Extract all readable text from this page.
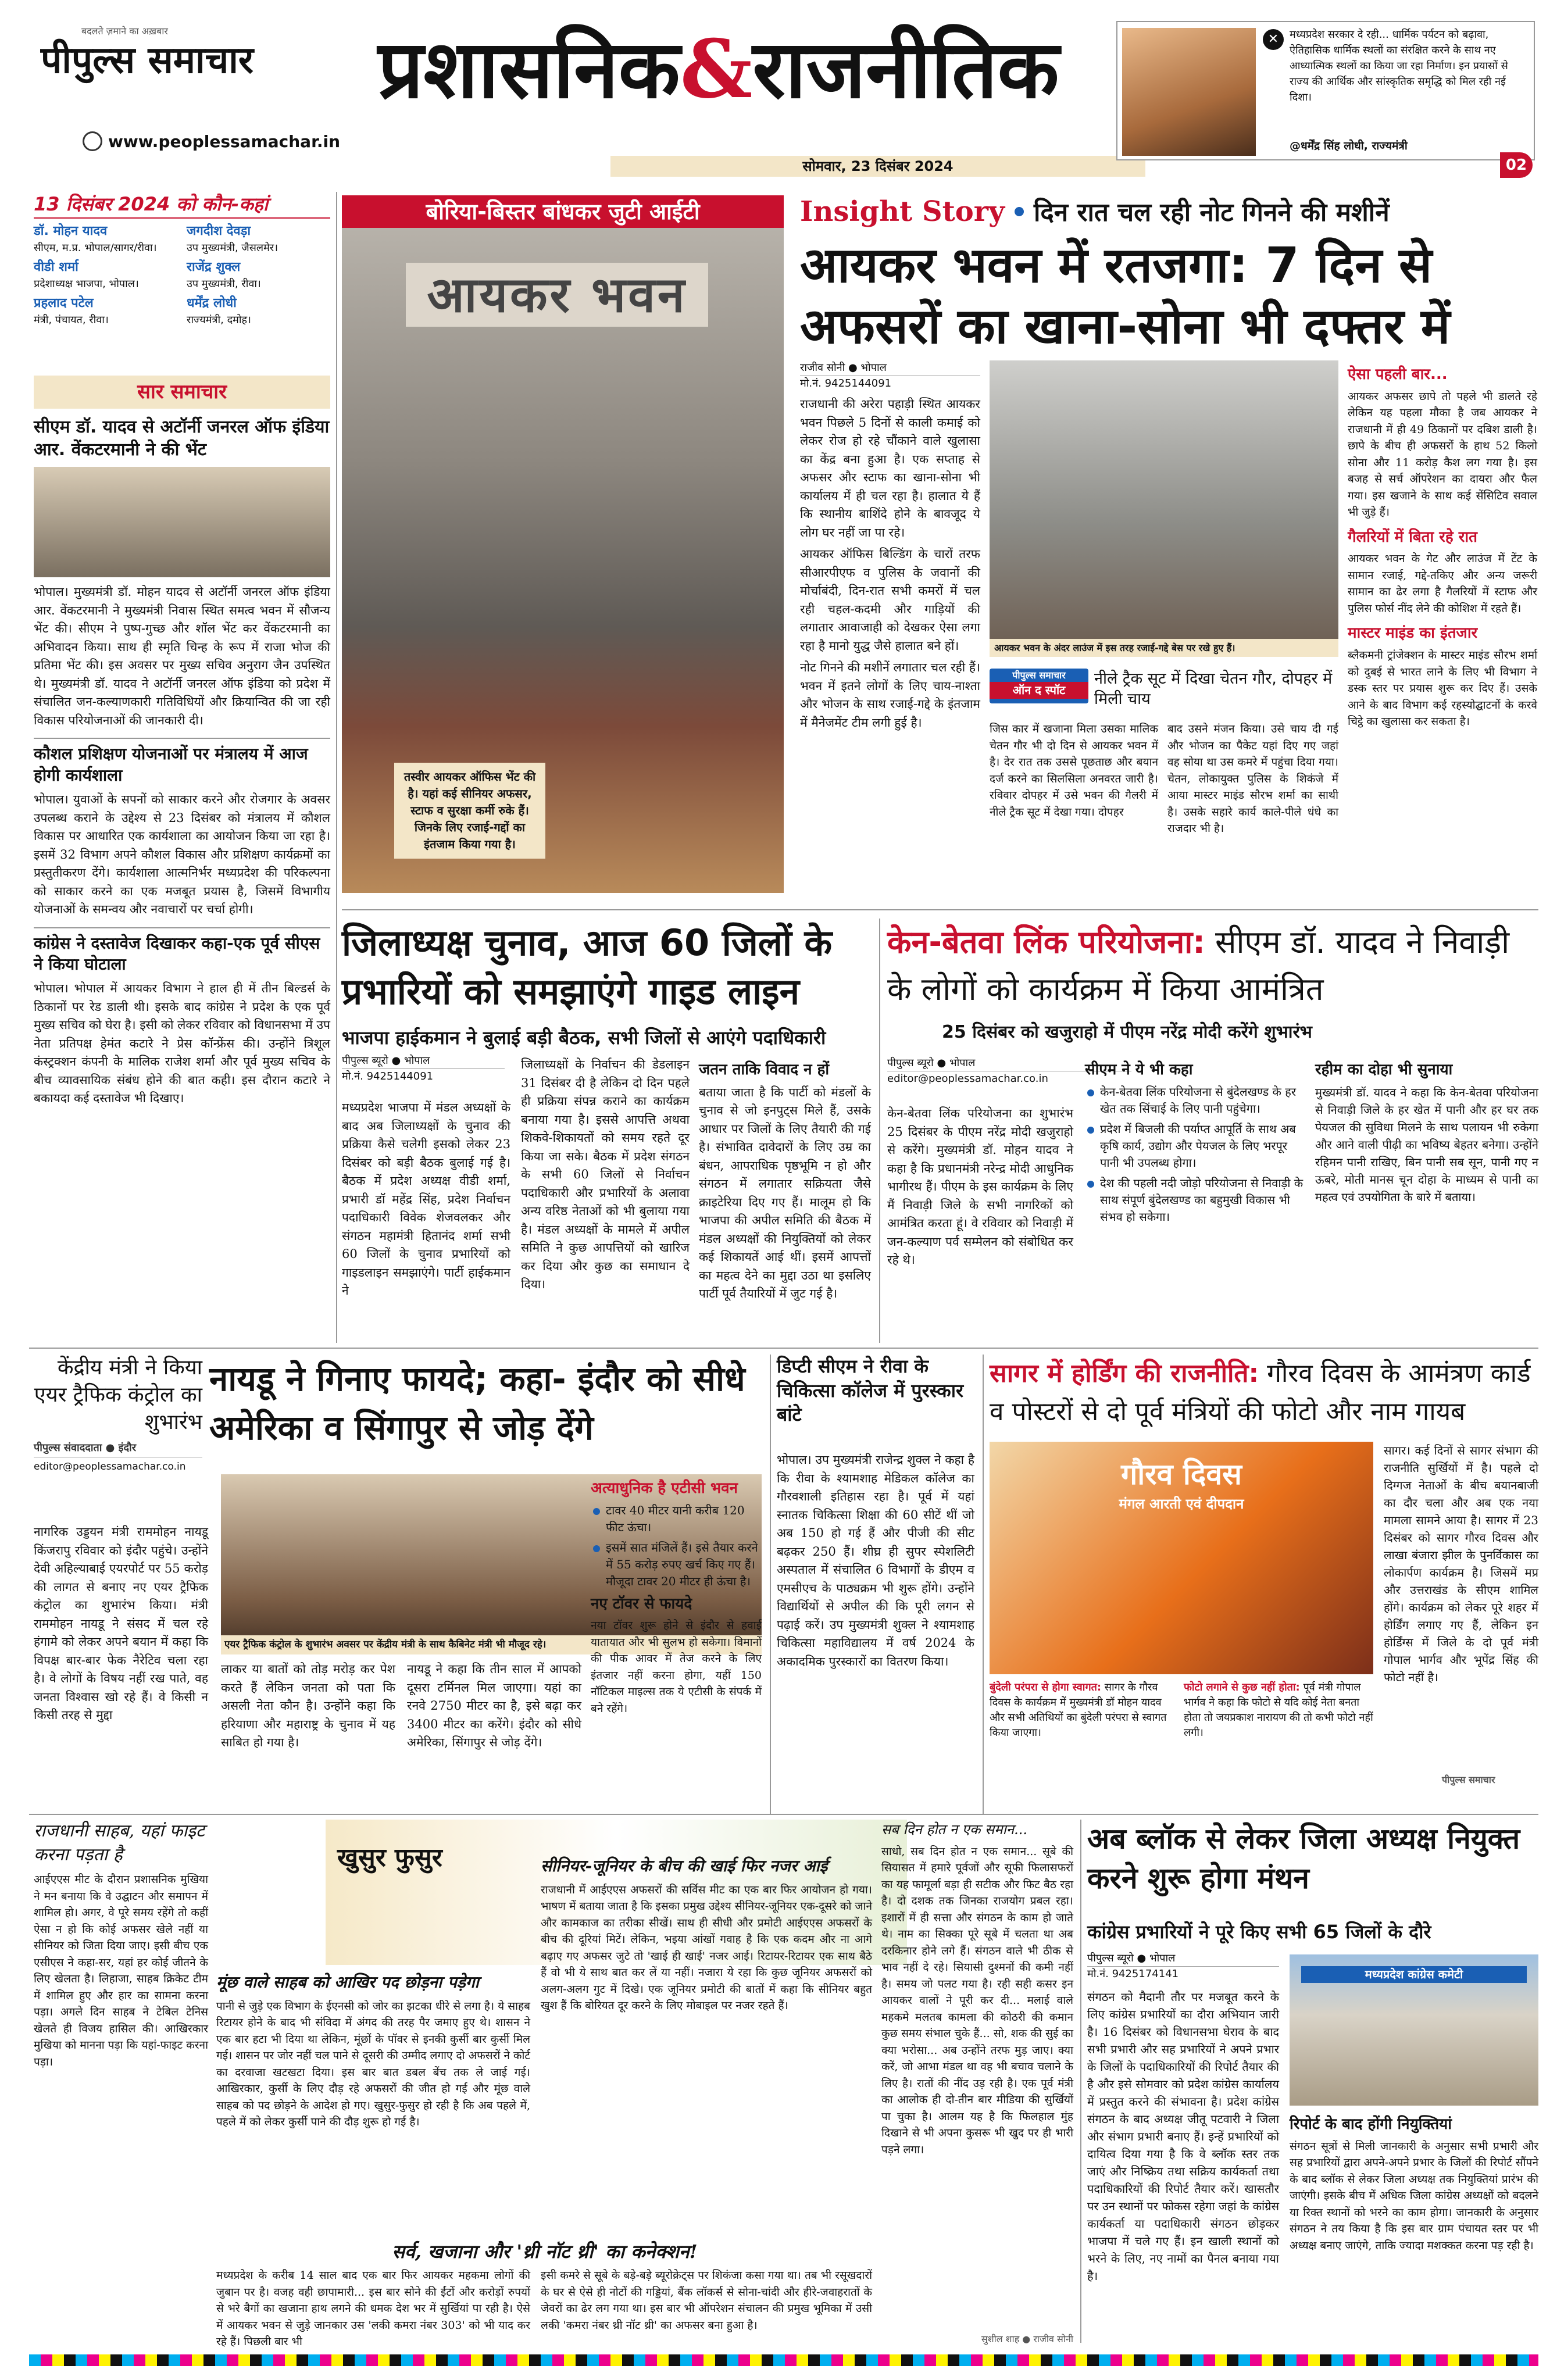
बदलते ज़माने का अख़बार
पीपुल्स समाचार
www.peoplessamachar.in
प्रशासनिक&राजनीतिक
सोमवार, 23 दिसंबर 2024
✕	मध्यप्रदेश सरकार दे रही... धार्मिक पर्यटन को बढ़ावा, ऐतिहासिक धार्मिक स्थलों का संरक्षित करने के साथ नए आध्यात्मिक स्थलों का किया जा रहा निर्माण। इन प्रयासों से राज्य की आर्थिक और सांस्कृतिक समृद्धि को मिल रही नई दिशा।
@धर्मेंद्र सिंह लोधी, राज्यमंत्री
02
13 दिसंबर 2024 को कौन-कहां
डॉ. मोहन यादव
सीएम, म.प्र. भोपाल/सागर/रीवा।
जगदीश देवड़ा
उप मुख्यमंत्री, जैसलमेर।
वीडी शर्मा
प्रदेशाध्यक्ष भाजपा, भोपाल।
राजेंद्र शुक्ल
उप मुख्यमंत्री, रीवा।
प्रहलाद पटेल
मंत्री, पंचायत, रीवा।
धर्मेंद्र लोधी
राज्यमंत्री, दमोह।
सार समाचार
सीएम डॉ. यादव से अटॉर्नी जनरल ऑफ इंडिया आर. वेंकटरमानी ने की भेंट
भोपाल। मुख्यमंत्री डॉ. मोहन यादव से अटॉर्नी जनरल ऑफ इंडिया आर. वेंकटरमानी ने मुख्यमंत्री निवास स्थित समत्व भवन में सौजन्य भेंट की। सीएम ने पुष्प-गुच्छ और शॉल भेंट कर वेंकटरमानी का अभिवादन किया। साथ ही स्मृति चिन्ह के रूप में राजा भोज की प्रतिमा भेंट की। इस अवसर पर मुख्य सचिव अनुराग जैन उपस्थित थे। मुख्यमंत्री डॉ. यादव ने अटॉर्नी जनरल ऑफ इंडिया को प्रदेश में संचालित जन-कल्याणकारी गतिविधियों और क्रियान्वित की जा रही विकास परियोजनाओं की जानकारी दी।
कौशल प्रशिक्षण योजनाओं पर मंत्रालय में आज होगी कार्यशाला
भोपाल। युवाओं के सपनों को साकार करने और रोजगार के अवसर उपलब्ध कराने के उद्देश्य से 23 दिसंबर को मंत्रालय में कौशल विकास पर आधारित एक कार्यशाला का आयोजन किया जा रहा है। इसमें 32 विभाग अपने कौशल विकास और प्रशिक्षण कार्यक्रमों का प्रस्तुतीकरण देंगे। कार्यशाला आत्मनिर्भर मध्यप्रदेश की परिकल्पना को साकार करने का एक मजबूत प्रयास है, जिसमें विभागीय योजनाओं के समन्वय और नवाचारों पर चर्चा होगी।
कांग्रेस ने दस्तावेज दिखाकर कहा-एक पूर्व सीएस ने किया घोटाला
भोपाल। भोपाल में आयकर विभाग ने हाल ही में तीन बिल्डर्स के ठिकानों पर रेड डाली थी। इसके बाद कांग्रेस ने प्रदेश के एक पूर्व मुख्य सचिव को घेरा है। इसी को लेकर रविवार को विधानसभा में उप नेता प्रतिपक्ष हेमंत कटारे ने प्रेस कॉन्फ्रेंस की। उन्होंने त्रिशूल कंस्ट्रक्शन कंपनी के मालिक राजेश शर्मा और पूर्व मुख्य सचिव के बीच व्यावसायिक संबंध होने की बात कही। इस दौरान कटारे ने बकायदा कई दस्तावेज भी दिखाए।
बोरिया-बिस्तर बांधकर जुटी आईटी
आयकर भवन
तस्वीर आयकर ऑफिस भेंट की है। यहां कई सीनियर अफसर, स्टाफ व सुरक्षा कर्मी रुके हैं। जिनके लिए रजाई-गद्दों का इंतजाम किया गया है।
Insight Story दिन रात चल रही नोट गिनने की मशीनें
आयकर भवन में रतजगा: 7 दिन से अफसरों का खाना-सोना भी दफ्तर में
राजीव सोनी ● भोपाल
मो.नं. 9425144091

राजधानी की अरेरा पहाड़ी स्थित आयकर भवन पिछले 5 दिनों से काली कमाई को लेकर रोज हो रहे चौंकाने वाले खुलासा का केंद्र बना हुआ है। एक सप्ताह से अफसर और स्टाफ का खाना-सोना भी कार्यालय में ही चल रहा है। हालात ये हैं कि स्थानीय बाशिंदे होने के बावजूद ये लोग घर नहीं जा पा रहे।

आयकर ऑफिस बिल्डिंग के चारों तरफ सीआरपीएफ व पुलिस के जवानों की मोर्चाबंदी, दिन-रात सभी कमरों में चल रही चहल-कदमी और गाड़ियों की लगातार आवाजाही को देखकर ऐसा लगा रहा है मानो युद्ध जैसे हालात बने हों।

नोट गिनने की मशीनें लगातार चल रही हैं। भवन में इतने लोगों के लिए चाय-नाश्ता और भोजन के साथ रजाई-गद्दे के इंतजाम में मैनेजमेंट टीम लगी हुई है।

आयकर भवन के अंदर लाउंज में इस तरह रजाई-गद्दे बेस पर रखे हुए हैं।
पीपुल्स समाचार
ऑन द स्पॉट
नीले ट्रैक सूट में दिखा चेतन गौर, दोपहर में मिली चाय
जिस कार में खजाना मिला उसका मालिक चेतन गौर भी दो दिन से आयकर भवन में है। देर रात तक उससे पूछताछ और बयान दर्ज करने का सिलसिला अनवरत जारी है। रविवार दोपहर में उसे भवन की गैलरी में नीले ट्रैक सूट में देखा गया। दोपहर
बाद उसने मंजन किया। उसे चाय दी गई और भोजन का पैकेट यहां दिए गए जहां वह सोया था उस कमरे में पहुंचा दिया गया। चेतन, लोकायुक्त पुलिस के शिकंजे में आया मास्टर माइंड सौरभ शर्मा का साथी है। उसके सहारे कार्य काले-पीले धंधे का राजदार भी है।
ऐसा पहली बार...
आयकर अफसर छापे तो पहले भी डालते रहे लेकिन यह पहला मौका है जब आयकर ने राजधानी में ही 49 ठिकानों पर दबिश डाली है। छापे के बीच ही अफसरों के हाथ 52 किलो सोना और 11 करोड़ कैश लग गया है। इस बजह से सर्च ऑपरेशन का दायरा और फैल गया। इस खजाने के साथ कई सेंसिटिव सवाल भी जुड़े हैं।
गैलरियों में बिता रहे रात
आयकर भवन के गेट और लाउंज में टेंट के सामान रजाई, गद्दे-तकिए और अन्य जरूरी सामान का ढेर लगा है गैलरियों में स्टाफ और पुलिस फोर्स नींद लेने की कोशिश में रहते हैं।
मास्टर माइंड का इंतजार
ब्लैकमनी ट्रांजेक्शन के मास्टर माइंड सौरभ शर्मा को दुबई से भारत लाने के लिए भी विभाग ने डस्क स्तर पर प्रयास शुरू कर दिए हैं। उसके आने के बाद विभाग कई रहस्योद्घाटनों के करवे चिट्ठे का खुलासा कर सकता है।
जिलाध्यक्ष चुनाव, आज 60 जिलों के प्रभारियों को समझाएंगे गाइड लाइन
भाजपा हाईकमान ने बुलाई बड़ी बैठक, सभी जिलों से आएंगे पदाधिकारी
पीपुल्स ब्यूरो ● भोपाल
मो.नं. 9425144091
मध्यप्रदेश भाजपा में मंडल अध्यक्षों के बाद अब जिलाध्यक्षों के चुनाव की प्रक्रिया कैसे चलेगी इसको लेकर 23 दिसंबर को बड़ी बैठक बुलाई गई है। बैठक में प्रदेश अध्यक्ष वीडी शर्मा, प्रभारी डॉ महेंद्र सिंह, प्रदेश निर्वाचन पदाधिकारी विवेक शेजवलकर और संगठन महामंत्री हितानंद शर्मा सभी 60 जिलों के चुनाव प्रभारियों को गाइडलाइन समझाएंगे। पार्टी हाईकमान ने
जिलाध्यक्षों के निर्वाचन की डेडलाइन 31 दिसंबर दी है लेकिन दो दिन पहले ही प्रक्रिया संपन्न कराने का कार्यक्रम बनाया गया है। इससे आपत्ति अथवा शिकवे-शिकायतों को समय रहते दूर किया जा सके। बैठक में प्रदेश संगठन के सभी 60 जिलों से निर्वाचन पदाधिकारी और प्रभारियों के अलावा अन्य वरिष्ठ नेताओं को भी बुलाया गया है। मंडल अध्यक्षों के मामले में अपील समिति ने कुछ आपत्तियों को खारिज कर दिया और कुछ का समाधान दे दिया।
जतन ताकि विवाद न हों
बताया जाता है कि पार्टी को मंडलों के चुनाव से जो इनपुट्स मिले हैं, उसके आधार पर जिलों के लिए तैयारी की गई है। संभावित दावेदारों के लिए उम्र का बंधन, आपराधिक पृष्ठभूमि न हो और संगठन में लगातार सक्रियता जैसे क्राइटेरिया दिए गए हैं। मालूम हो कि भाजपा की अपील समिति की बैठक में मंडल अध्यक्षों की नियुक्तियों को लेकर कई शिकायतें आई थीं। इसमें आपत्तों का महत्व देने का मुद्दा उठा था इसलिए पार्टी पूर्व तैयारियों में जुट गई है।
केन-बेतवा लिंक परियोजना: सीएम डॉ. यादव ने निवाड़ी के लोगों को कार्यक्रम में किया आमंत्रित
25 दिसंबर को खजुराहो में पीएम नरेंद्र मोदी करेंगे शुभारंभ
पीपुल्स ब्यूरो ● भोपाल
editor@peoplessamachar.co.in
केन-बेतवा लिंक परियोजना का शुभारंभ 25 दिसंबर के पीएम नरेंद्र मोदी खजुराहो से करेंगे। मुख्यमंत्री डॉ. मोहन यादव ने कहा है कि प्रधानमंत्री नरेन्द्र मोदी आधुनिक भागीरथ हैं। पीएम के इस कार्यक्रम के लिए मैं निवाड़ी जिले के सभी नागरिकों को आमंत्रित करता हूं। वे रविवार को निवाड़ी में जन-कल्याण पर्व सम्मेलन को संबोधित कर रहे थे।
सीएम ने ये भी कहा
केन-बेतवा लिंक परियोजना से बुंदेलखण्ड के हर खेत तक सिंचाई के लिए पानी पहुंचेगा।
प्रदेश में बिजली की पर्याप्त आपूर्ति के साथ अब कृषि कार्य, उद्योग और पेयजल के लिए भरपूर पानी भी उपलब्ध होगा।
देश की पहली नदी जोड़ो परियोजना से निवाड़ी के साथ संपूर्ण बुंदेलखण्ड का बहुमुखी विकास भी संभव हो सकेगा।
रहीम का दोहा भी सुनाया
मुख्यमंत्री डॉ. यादव ने कहा कि केन-बेतवा परियोजना से निवाड़ी जिले के हर खेत में पानी और हर घर तक पेयजल की सुविधा मिलने के साथ पलायन भी रुकेगा और आने वाली पीढ़ी का भविष्य बेहतर बनेगा। उन्होंने रहिमन पानी राखिए, बिन पानी सब सून, पानी गए न ऊबरे, मोती मानस चून दोहा के माध्यम से पानी का महत्व एवं उपयोगिता के बारे में बताया।
केंद्रीय मंत्री ने किया एयर ट्रैफिक कंट्रोल का शुभारंभ
पीपुल्स संवाददाता ● इंदौर
editor@peoplessamachar.co.in
नायडू ने गिनाए फायदे; कहा- इंदौर को सीधे अमेरिका व सिंगापुर से जोड़ देंगे
एयर ट्रैफिक कंट्रोल के शुभारंभ अवसर पर केंद्रीय मंत्री के साथ कैबिनेट मंत्री भी मौजूद रहे।
नागरिक उड्डयन मंत्री राममोहन नायडू किंजरापु रविवार को इंदौर पहुंचे। उन्होंने देवी अहिल्याबाई एयरपोर्ट पर 55 करोड़ की लागत से बनाए नए एयर ट्रैफिक कंट्रोल का शुभारंभ किया। मंत्री राममोहन नायडू ने संसद में चल रहे हंगामे को लेकर अपने बयान में कहा कि विपक्ष बार-बार फेक नैरेटिव चला रहा है। वे लोगों के विषय नहीं रख पाते, वह जनता विश्वास खो रहे हैं। वे किसी न किसी तरह से मुद्दा
लाकर या बातों को तोड़ मरोड़ कर पेश करते हैं लेकिन जनता को पता कि असली नेता कौन है। उन्होंने कहा कि हरियाणा और महाराष्ट्र के चुनाव में यह साबित हो गया है।
नायडू ने कहा कि तीन साल में आपको दूसरा टर्मिनल मिल जाएगा। यहां का रनवे 2750 मीटर का है, इसे बढ़ा कर 3400 मीटर का करेंगे। इंदौर को सीधे अमेरिका, सिंगापुर से जोड़ देंगे।
अत्याधुनिक है एटीसी भवन
टावर 40 मीटर यानी करीब 120 फीट ऊंचा।
इसमें सात मंजिलें हैं। इसे तैयार करने में 55 करोड़ रुपए खर्च किए गए हैं। मौजूदा टावर 20 मीटर ही ऊंचा है।
नए टॉवर से फायदे
नया टॉवर शुरू होने से इंदौर से हवाई यातायात और भी सुलभ हो सकेगा। विमानों की पीक आवर में तेज करने के लिए इंतजार नहीं करना होगा, यहीं 150 नॉटिकल माइल्स तक ये एटीसी के संपर्क में बने रहेंगे।
डिप्टी सीएम ने रीवा के चिकित्सा कॉलेज में पुरस्कार बांटे
भोपाल। उप मुख्यमंत्री राजेन्द्र शुक्ल ने कहा है कि रीवा के श्यामशाह मेडिकल कॉलेज का गौरवशाली इतिहास रहा है। पूर्व में यहां स्नातक चिकित्सा शिक्षा की 60 सीटें थीं जो अब 150 हो गई हैं और पीजी की सीट बढ़कर 250 हैं। शीघ्र ही सुपर स्पेशलिटी अस्पताल में संचालित 6 विभागों के डीएम व एमसीएच के पाठ्यक्रम भी शुरू होंगे। उन्होंने विद्यार्थियों से अपील की कि पूरी लगन से पढ़ाई करें। उप मुख्यमंत्री शुक्ल ने श्यामशाह चिकित्सा महाविद्यालय में वर्ष 2024 के अकादमिक पुरस्कारों का वितरण किया।
सागर में होर्डिंग की राजनीति: गौरव दिवस के आमंत्रण कार्ड व पोस्टरों से दो पूर्व मंत्रियों की फोटो और नाम गायब
गौरव दिवस
मंगल आरती एवं दीपदान
बुंदेली परंपरा से होगा स्वागत: सागर के गौरव दिवस के कार्यक्रम में मुख्यमंत्री डॉ मोहन यादव और सभी अतिथियों का बुंदेली परंपरा से स्वागत किया जाएगा।
फोटो लगाने से कुछ नहीं होता: पूर्व मंत्री गोपाल भार्गव ने कहा कि फोटो से यदि कोई नेता बनता होता तो जयप्रकाश नारायण की तो कभी फोटो नहीं लगी।
सागर। कई दिनों से सागर संभाग की राजनीति सुर्खियों में है। पहले दो दिग्गज नेताओं के बीच बयानबाजी का दौर चला और अब एक नया मामला सामने आया है। सागर में 23 दिसंबर को सागर गौरव दिवस और लाखा बंजारा झील के पुनर्विकास का लोकार्पण कार्यक्रम है। जिसमें मप्र और उत्तराखंड के सीएम शामिल होंगे। कार्यक्रम को लेकर पूरे शहर में होर्डिंग लगाए गए हैं, लेकिन इन होर्डिंग्स में जिले के दो पूर्व मंत्री गोपाल भार्गव और भूपेंद्र सिंह की फोटो नहीं है।
पीपुल्स समाचार
राजधानी साहब, यहां फाइट करना पड़ता है
आईएएस मीट के दौरान प्रशासनिक मुखिया ने मन बनाया कि वे उद्घाटन और समापन में शामिल हो। अगर, वे पूरे समय रहेंगे तो कहीं ऐसा न हो कि कोई अफसर खेले नहीं या सीनियर को जिता दिया जाए। इसी बीच एक एसीएस ने कहा-सर, यहां हर कोई जीतने के लिए खेलता है। लिहाजा, साहब क्रिकेट टीम में शामिल हुए और हार का सामना करना पड़ा। अगले दिन साहब ने टेबिल टेनिस खेलते ही विजय हासिल की। आखिरकार मुखिया को मानना पड़ा कि यहां-फाइट करना पड़ा।
खुसुर फुसुर
मूंछ वाले साहब को आखिर पद छोड़ना पड़ेगा
पानी से जुड़े एक विभाग के ईएनसी को जोर का झटका धीरे से लगा है। ये साहब रिटायर होने के बाद भी संविदा में अंगद की तरह पैर जमाए हुए थे। शासन ने एक बार हटा भी दिया था लेकिन, मूंछों के पॉवर से इनकी कुर्सी बार कुर्सी मिल गई। शासन पर जोर नहीं चल पाने से दूसरी की उम्मीद लगाए दो अफसरों ने कोर्ट का दरवाजा खटखटा दिया। इस बार बात डबल बेंच तक ले जाई गई। आखिरकार, कुर्सी के लिए दौड़ रहे अफसरों की जीत हो गई और मूंछ वाले साहब को पद छोड़ने के आदेश हो गए। खुसुर-फुसुर हो रही है कि अब पहले में, पहले में को लेकर कुर्सी पाने की दौड़ शुरू हो गई है।
सीनियर-जूनियर के बीच की खाई फिर नजर आई
राजधानी में आईएएस अफसरों की सर्विस मीट का एक बार फिर आयोजन हो गया। भाषण में बताया जाता है कि इसका प्रमुख उद्देश्य सीनियर-जूनियर एक-दूसरे को जाने और कामकाज का तरीका सीखें। साथ ही सीधी और प्रमोटी आईएएस अफसरों के बीच की दूरियां मिटें। लेकिन, भइया आंखों गवाह है कि एक कदम और ना आगे बढ़ाए गए अफसर जुटे तो 'खाई ही खाई' नजर आई। रिटायर-रिटायर एक साथ बैठे हैं वो भी ये साथ बात कर लें या नहीं। नजारा ये रहा कि कुछ जूनियर अफसरों को अलग-अलग गुट में दिखे। एक जूनियर प्रमोटी की बातों में कहा कि सीनियर बहुत खुश हैं कि बोरियत दूर करने के लिए मोबाइल पर नजर रहते हैं।
सब दिन होत न एक समान...
साधो, सब दिन होत न एक समान... सूबे की सियासत में हमारे पूर्वजों और सूफी फिलासफरों का यह फामूर्ला बड़ा ही सटीक और फिट बैठ रहा है। दो दशक तक जिनका राजयोग प्रबल रहा। इशारों में ही सत्ता और संगठन के काम हो जाते थे। नाम का सिक्का पूरे सूबे में चलता था अब दरकिनार होने लगे हैं। संगठन वाले भी ठीक से भाव नहीं दे रहे। सियासी दुश्मनों की कमी नहीं है। समय जो पलट गया है। रही सही कसर इन आयकर वालों ने पूरी कर दी... मलाई वाले महकमे मलतब कामला की कोठरी की कमान कुछ समय संभाल चुके हैं... सो, शक की सुई का क्या भरोसा... अब उन्होंने तरफ मुड़ जाए। क्या करें, जो आभा मंडल था वह भी बचाव चलाने के लिए है। रातों की नींद उड़ रही है। एक पूर्व मंत्री का आलोक ही दो-तीन बार मीडिया की सुर्खियों पा चुका है। आलम यह है कि फिलहाल मुंह दिखाने से भी अपना कुसरू भी खुद पर ही भारी पड़ने लगा।
सर्व, खजाना और 'थ्री नॉट थ्री' का कनेक्शन!
मध्यप्रदेश के करीब 14 साल बाद एक बार फिर आयकर महकमा लोगों की जुबान पर है। वजह वही छापामारी... इस बार सोने की ईंटों और करोड़ों रुपयों से भरे बैगों का खजाना हाथ लगने की धमक देश भर में सुर्खियां पा रही है। ऐसे में आयकर भवन से जुड़े जानकार उस 'लकी कमरा नंबर 303' को भी याद कर रहे हैं। पिछली बार भी
इसी कमरे से सूबे के बड़े-बड़े ब्यूरोक्रेट्स पर शिकंजा कसा गया था। तब भी रसूखदारों के घर से ऐसे ही नोटों की गड्डियां, बैंक लॉकर्स से सोना-चांदी और हीरे-जवाहरातों के जेवरों का ढेर लग गया था। इस बार भी ऑपरेशन संचालन की प्रमुख भूमिका में उसी लकी 'कमरा नंबर थ्री नॉट थ्री' का अफसर बना हुआ है।
सुशील शाह ● राजीव सोनी
अब ब्लॉक से लेकर जिला अध्यक्ष नियुक्त करने शुरू होगा मंथन
कांग्रेस प्रभारियों ने पूरे किए सभी 65 जिलों के दौरे
पीपुल्स ब्यूरो ● भोपाल
मो.नं. 9425174141
संगठन को मैदानी तौर पर मजबूत करने के लिए कांग्रेस प्रभारियों का दौरा अभियान जारी है। 16 दिसंबर को विधानसभा घेराव के बाद सभी प्रभारी और सह प्रभारियों ने अपने प्रभार के जिलों के पदाधिकारियों की रिपोर्ट तैयार की है और इसे सोमवार को प्रदेश कांग्रेस कार्यालय में प्रस्तुत करने की संभावना है। प्रदेश कांग्रेस संगठन के बाद अध्यक्ष जीतू पटवारी ने जिला और संभाग प्रभारी बनाए हैं। इन्हें प्रभारियों को दायित्व दिया गया है कि वे ब्लॉक स्तर तक जाएं और निष्क्रिय तथा सक्रिय कार्यकर्ता तथा पदाधिकारियों की रिपोर्ट तैयार करें। खासतौर पर उन स्थानों पर फोकस रहेगा जहां के कांग्रेस कार्यकर्ता या पदाधिकारी संगठन छोड़कर भाजपा में चले गए हैं। इन खाली स्थानों को भरने के लिए, नए नामों का पैनल बनाया गया है।
मध्यप्रदेश कांग्रेस कमेटी
रिपोर्ट के बाद होंगी नियुक्तियां
संगठन सूत्रों से मिली जानकारी के अनुसार सभी प्रभारी और सह प्रभारियों द्वारा अपने-अपने प्रभार के जिलों की रिपोर्ट सौंपने के बाद ब्लॉक से लेकर जिला अध्यक्ष तक नियुक्तियां प्रारंभ की जाएंगी। इसके बीच में अधिक जिला कांग्रेस अध्यक्षों को बदलने या रिक्त स्थानों को भरने का काम होगा। जानकारी के अनुसार संगठन ने तय किया है कि इस बार ग्राम पंचायत स्तर पर भी अध्यक्ष बनाए जाएंगे, ताकि ज्यादा मशक्कत करना पड़ रही है।
